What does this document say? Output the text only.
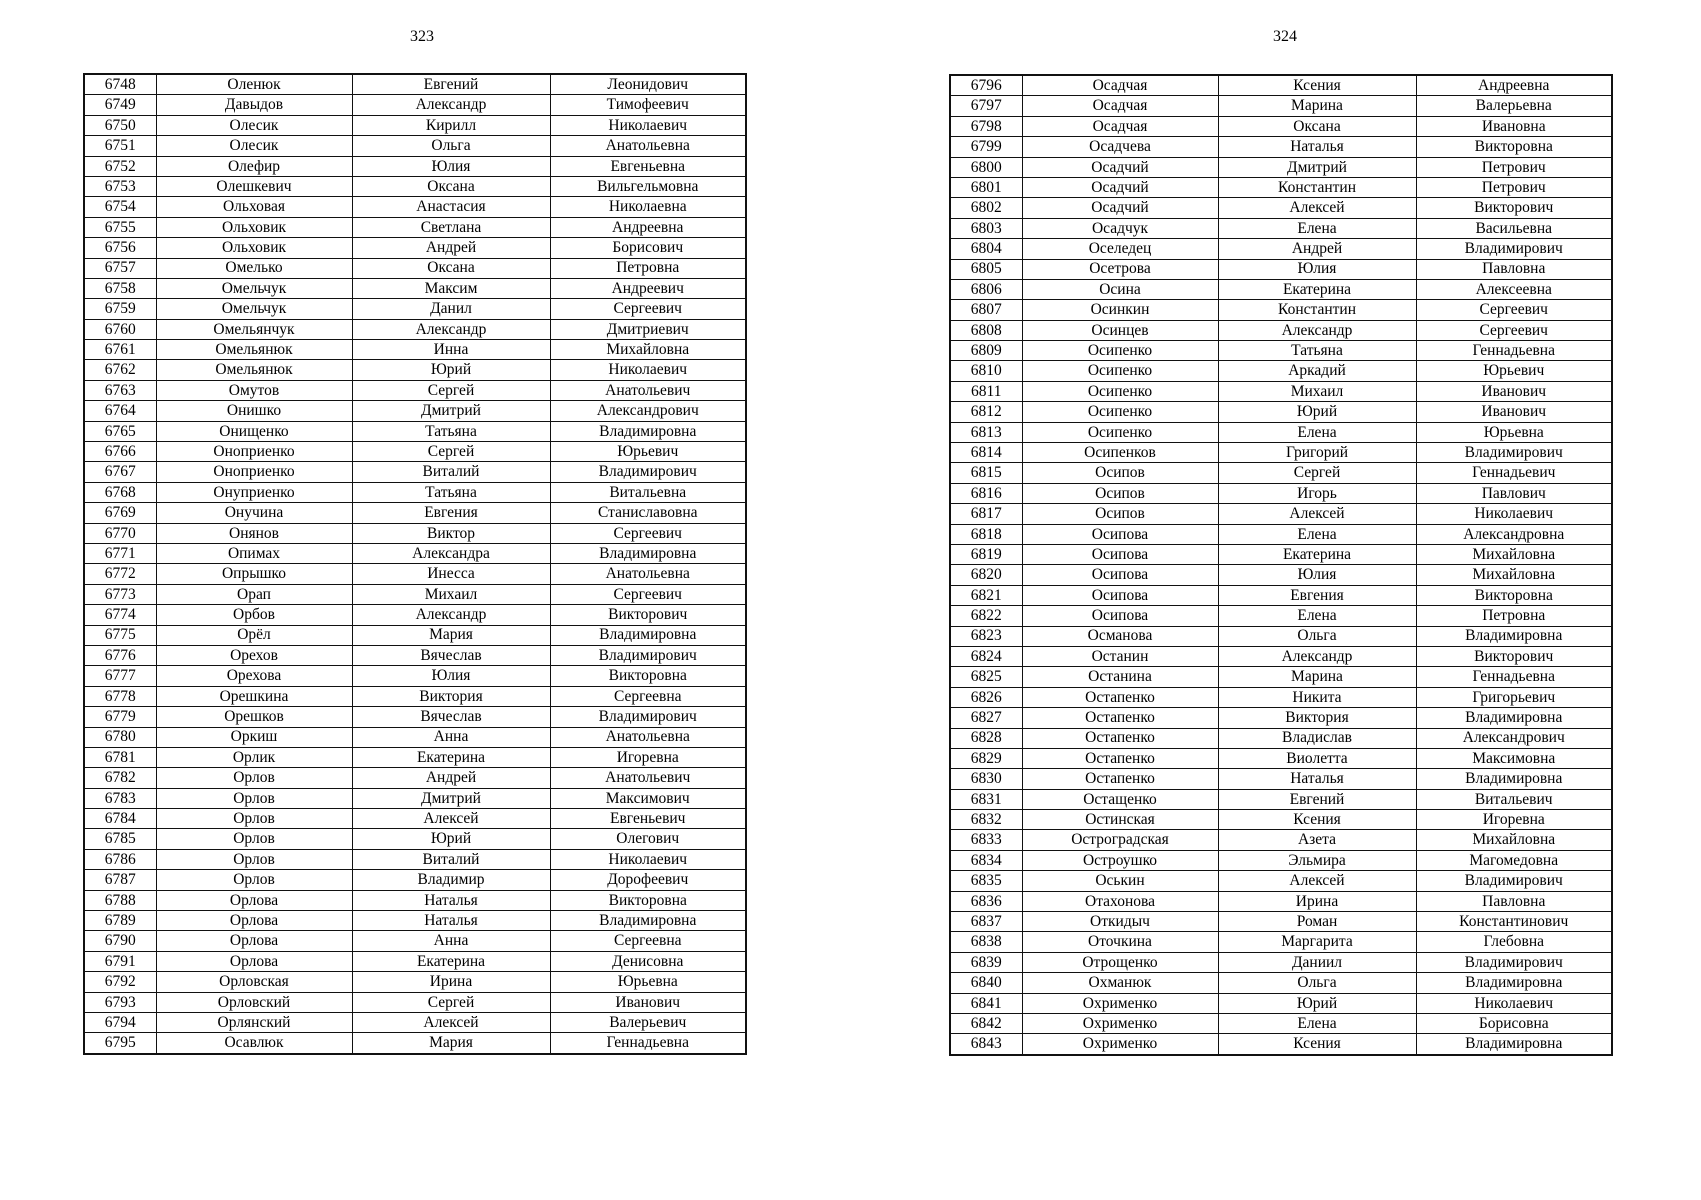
323
6748	Оленюк	Евгений	Леонидович
6749	Давыдов	Александр	Тимофеевич
6750	Олесик	Кирилл	Николаевич
6751	Олесик	Ольга	Анатольевна
6752	Олефир	Юлия	Евгеньевна
6753	Олешкевич	Оксана	Вильгельмовна
6754	Ольховая	Анастасия	Николаевна
6755	Ольховик	Светлана	Андреевна
6756	Ольховик	Андрей	Борисович
6757	Омелько	Оксана	Петровна
6758	Омельчук	Максим	Андреевич
6759	Омельчук	Данил	Сергеевич
6760	Омельянчук	Александр	Дмитриевич
6761	Омельянюк	Инна	Михайловна
6762	Омельянюк	Юрий	Николаевич
6763	Омутов	Сергей	Анатольевич
6764	Онишко	Дмитрий	Александрович
6765	Онищенко	Татьяна	Владимировна
6766	Оноприенко	Сергей	Юрьевич
6767	Оноприенко	Виталий	Владимирович
6768	Онуприенко	Татьяна	Витальевна
6769	Онучина	Евгения	Станиславовна
6770	Онянов	Виктор	Сергеевич
6771	Опимах	Александра	Владимировна
6772	Опрышко	Инесса	Анатольевна
6773	Орап	Михаил	Сергеевич
6774	Орбов	Александр	Викторович
6775	Орёл	Мария	Владимировна
6776	Орехов	Вячеслав	Владимирович
6777	Орехова	Юлия	Викторовна
6778	Орешкина	Виктория	Сергеевна
6779	Орешков	Вячеслав	Владимирович
6780	Оркиш	Анна	Анатольевна
6781	Орлик	Екатерина	Игоревна
6782	Орлов	Андрей	Анатольевич
6783	Орлов	Дмитрий	Максимович
6784	Орлов	Алексей	Евгеньевич
6785	Орлов	Юрий	Олегович
6786	Орлов	Виталий	Николаевич
6787	Орлов	Владимир	Дорофеевич
6788	Орлова	Наталья	Викторовна
6789	Орлова	Наталья	Владимировна
6790	Орлова	Анна	Сергеевна
6791	Орлова	Екатерина	Денисовна
6792	Орловская	Ирина	Юрьевна
6793	Орловский	Сергей	Иванович
6794	Орлянский	Алексей	Валерьевич
6795	Осавлюк	Мария	Геннадьевна
324
6796	Осадчая	Ксения	Андреевна
6797	Осадчая	Марина	Валерьевна
6798	Осадчая	Оксана	Ивановна
6799	Осадчева	Наталья	Викторовна
6800	Осадчий	Дмитрий	Петрович
6801	Осадчий	Константин	Петрович
6802	Осадчий	Алексей	Викторович
6803	Осадчук	Елена	Васильевна
6804	Оселедец	Андрей	Владимирович
6805	Осетрова	Юлия	Павловна
6806	Осина	Екатерина	Алексеевна
6807	Осинкин	Константин	Сергеевич
6808	Осинцев	Александр	Сергеевич
6809	Осипенко	Татьяна	Геннадьевна
6810	Осипенко	Аркадий	Юрьевич
6811	Осипенко	Михаил	Иванович
6812	Осипенко	Юрий	Иванович
6813	Осипенко	Елена	Юрьевна
6814	Осипенков	Григорий	Владимирович
6815	Осипов	Сергей	Геннадьевич
6816	Осипов	Игорь	Павлович
6817	Осипов	Алексей	Николаевич
6818	Осипова	Елена	Александровна
6819	Осипова	Екатерина	Михайловна
6820	Осипова	Юлия	Михайловна
6821	Осипова	Евгения	Викторовна
6822	Осипова	Елена	Петровна
6823	Османова	Ольга	Владимировна
6824	Останин	Александр	Викторович
6825	Останина	Марина	Геннадьевна
6826	Остапенко	Никита	Григорьевич
6827	Остапенко	Виктория	Владимировна
6828	Остапенко	Владислав	Александрович
6829	Остапенко	Виолетта	Максимовна
6830	Остапенко	Наталья	Владимировна
6831	Остащенко	Евгений	Витальевич
6832	Остинская	Ксения	Игоревна
6833	Остроградская	Азета	Михайловна
6834	Остроушко	Эльмира	Магомедовна
6835	Оськин	Алексей	Владимирович
6836	Отахонова	Ирина	Павловна
6837	Откидыч	Роман	Константинович
6838	Оточкина	Маргарита	Глебовна
6839	Отрощенко	Даниил	Владимирович
6840	Охманюк	Ольга	Владимировна
6841	Охрименко	Юрий	Николаевич
6842	Охрименко	Елена	Борисовна
6843	Охрименко	Ксения	Владимировна
